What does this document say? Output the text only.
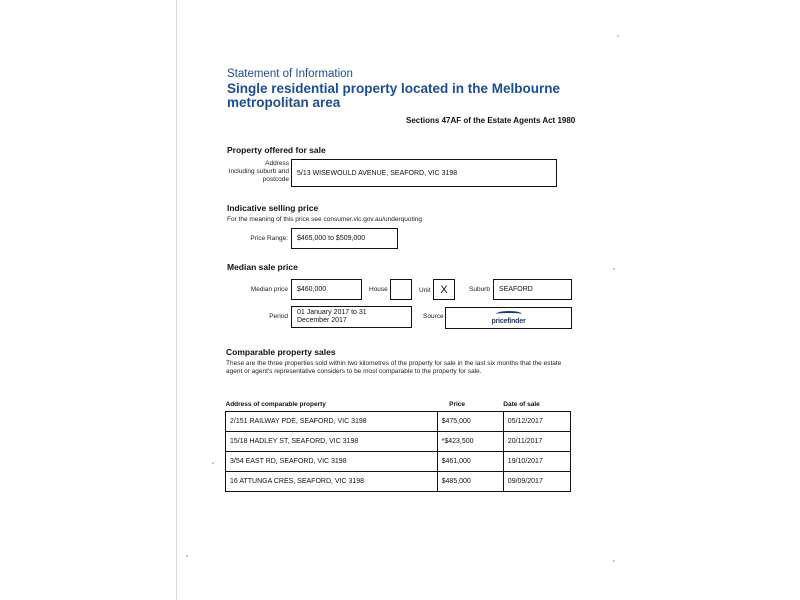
Statement of Information
Single residential property located in the Melbourne metropolitan area
Sections 47AF of the Estate Agents Act 1980
Property offered for sale
Address
Including suburb and
postcode
5/13 WISEWOULD AVENUE, SEAFORD, VIC 3198
Indicative selling price
For the meaning of this price see consumer.vic.gov.au/underquoting
Price Range:	$465,000 to $509,000
Median sale price
Median price	$460,000	House	Unit X	Suburb	SEAFORD
Period
01 January 2017 to 31 December 2017
Source
pricefinder
Comparable property sales
These are the three properties sold within two kilometres of the property for sale in the last six months that the estate agent or agent's representative considers to be most comparable to the property for sale.
Address of comparable property	Price	Date of sale
2/151 RAILWAY PDE, SEAFORD, VIC 3198	$475,000	05/12/2017
15/18 HADLEY ST, SEAFORD, VIC 3198	*$423,500	20/11/2017
3/54 EAST RD, SEAFORD, VIC 3198	$461,000	19/10/2017
16 ATTUNGA CRES, SEAFORD, VIC 3198	$485,000	09/09/2017
